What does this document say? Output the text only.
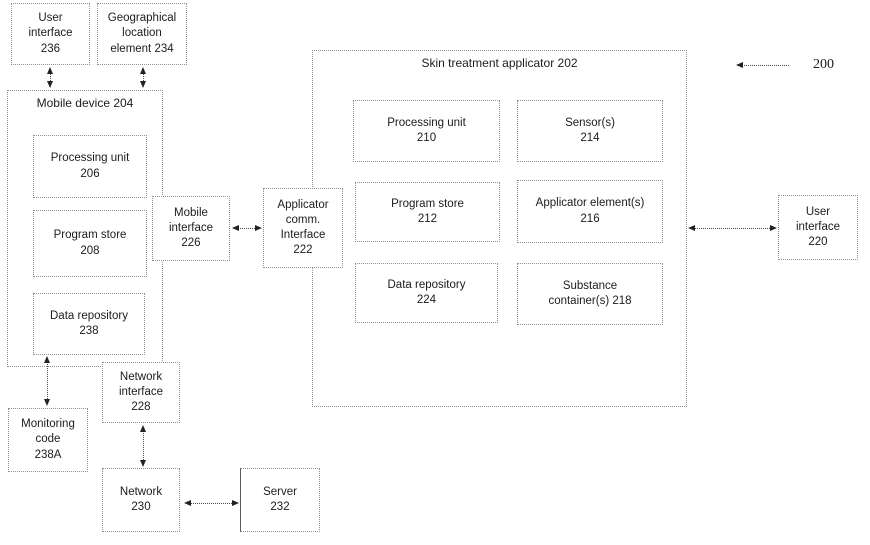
Mobile device 204
Skin treatment applicator 202
User
interface
236
Geographical
location
element 234
Processing unit
206
Program store
208
Data repository
238
Mobile
interface
226
Applicator
comm.
Interface
222
Processing unit
210
Sensor(s)
214
Program store
212
Applicator element(s)
216
Data repository
224
Substance
container(s) 218
User
interface
220
200
Monitoring
code
238A
Network
interface
228
Network
230
Server
232
